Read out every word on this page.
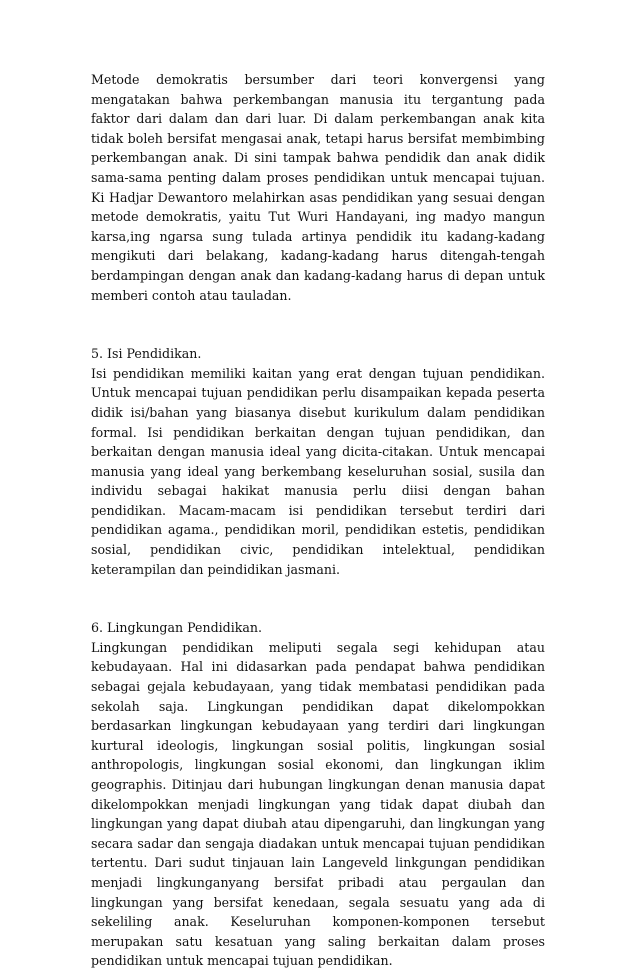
Metode demokratis bersumber dari teori konvergensi yang mengatakan bahwa perkembangan manusia itu tergantung pada faktor dari dalam dan dari luar. Di dalam perkembangan anak kita tidak boleh bersifat mengasai anak, tetapi harus bersifat membimbing perkembangan anak. Di sini tampak bahwa pendidik dan anak didik sama-sama penting dalam proses pendidikan untuk mencapai tujuan. Ki Hadjar Dewantoro melahirkan asas pendidikan yang sesuai dengan metode demokratis, yaitu Tut Wuri Handayani, ing madyo mangun karsa,ing ngarsa sung tulada artinya pendidik itu kadang-kadang mengikuti dari belakang, kadang-kadang harus ditengah-tengah berdampingan dengan anak dan kadang-kadang harus di depan untuk memberi contoh atau tauladan.

5. Isi Pendidikan.

Isi pendidikan memiliki kaitan yang erat dengan tujuan pendidikan. Untuk mencapai tujuan pendidikan perlu disampaikan kepada peserta didik isi/bahan yang biasanya disebut kurikulum dalam pendidikan formal. Isi pendidikan berkaitan dengan tujuan pendidikan, dan berkaitan dengan manusia ideal yang dicita-citakan. Untuk mencapai manusia yang ideal yang berkembang keseluruhan sosial, susila dan individu sebagai hakikat manusia perlu diisi dengan bahan pendidikan. Macam-macam isi pendidikan tersebut terdiri dari pendidikan agama., pendidikan moril, pendidikan estetis, pendidikan sosial, pendidikan civic, pendidikan intelektual, pendidikan keterampilan dan peindidikan jasmani.

6. Lingkungan Pendidikan.

Lingkungan pendidikan meliputi segala segi kehidupan atau kebudayaan. Hal ini didasarkan pada pendapat bahwa pendidikan sebagai gejala kebudayaan, yang tidak membatasi pendidikan pada sekolah saja. Lingkungan pendidikan dapat dikelompokkan berdasarkan lingkungan kebudayaan yang terdiri dari lingkungan kurtural ideologis, lingkungan sosial politis, lingkungan sosial anthropologis, lingkungan sosial ekonomi, dan lingkungan iklim geographis. Ditinjau dari hubungan lingkungan denan manusia dapat dikelompokkan menjadi lingkungan yang tidak dapat diubah dan lingkungan yang dapat diubah atau dipengaruhi, dan lingkungan yang secara sadar dan sengaja diadakan untuk mencapai tujuan pendidikan tertentu. Dari sudut tinjauan lain Langeveld linkgungan pendidikan menjadi lingkunganyang bersifat pribadi atau pergaulan dan lingkungan yang bersifat kenedaan, segala sesuatu yang ada di sekeliling anak. Keseluruhan komponen-komponen tersebut merupakan satu kesatuan yang saling berkaitan dalam proses pendidikan untuk mencapai tujuan pendidikan.
